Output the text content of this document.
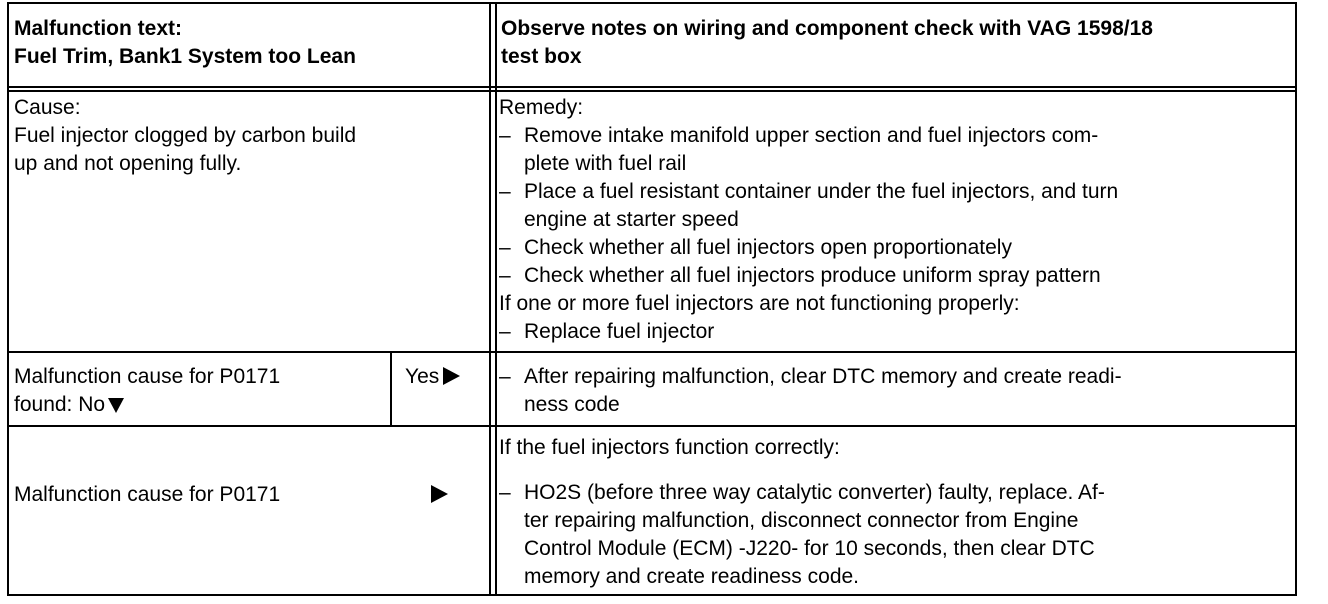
Malfunction text:
Fuel Trim, Bank1 System too Lean
Observe notes on wiring and component check with VAG 1598/18
test box
Cause:
Fuel injector clogged by carbon build
up and not opening fully.
Remedy:
– Remove intake manifold upper section and fuel injectors com-
plete with fuel rail
– Place a fuel resistant container under the fuel injectors, and turn
engine at starter speed
– Check whether all fuel injectors open proportionately
– Check whether all fuel injectors produce uniform spray pattern
If one or more fuel injectors are not functioning properly:
– Replace fuel injector
Malfunction cause for P0171
found: No
Yes	– After repairing malfunction, clear DTC memory and create readi-
ness code
Malfunction cause for P0171
If the fuel injectors function correctly:
– HO2S (before three way catalytic converter) faulty, replace. Af-
ter repairing malfunction, disconnect connector from Engine
Control Module (ECM) -J220- for 10 seconds, then clear DTC
memory and create readiness code.
